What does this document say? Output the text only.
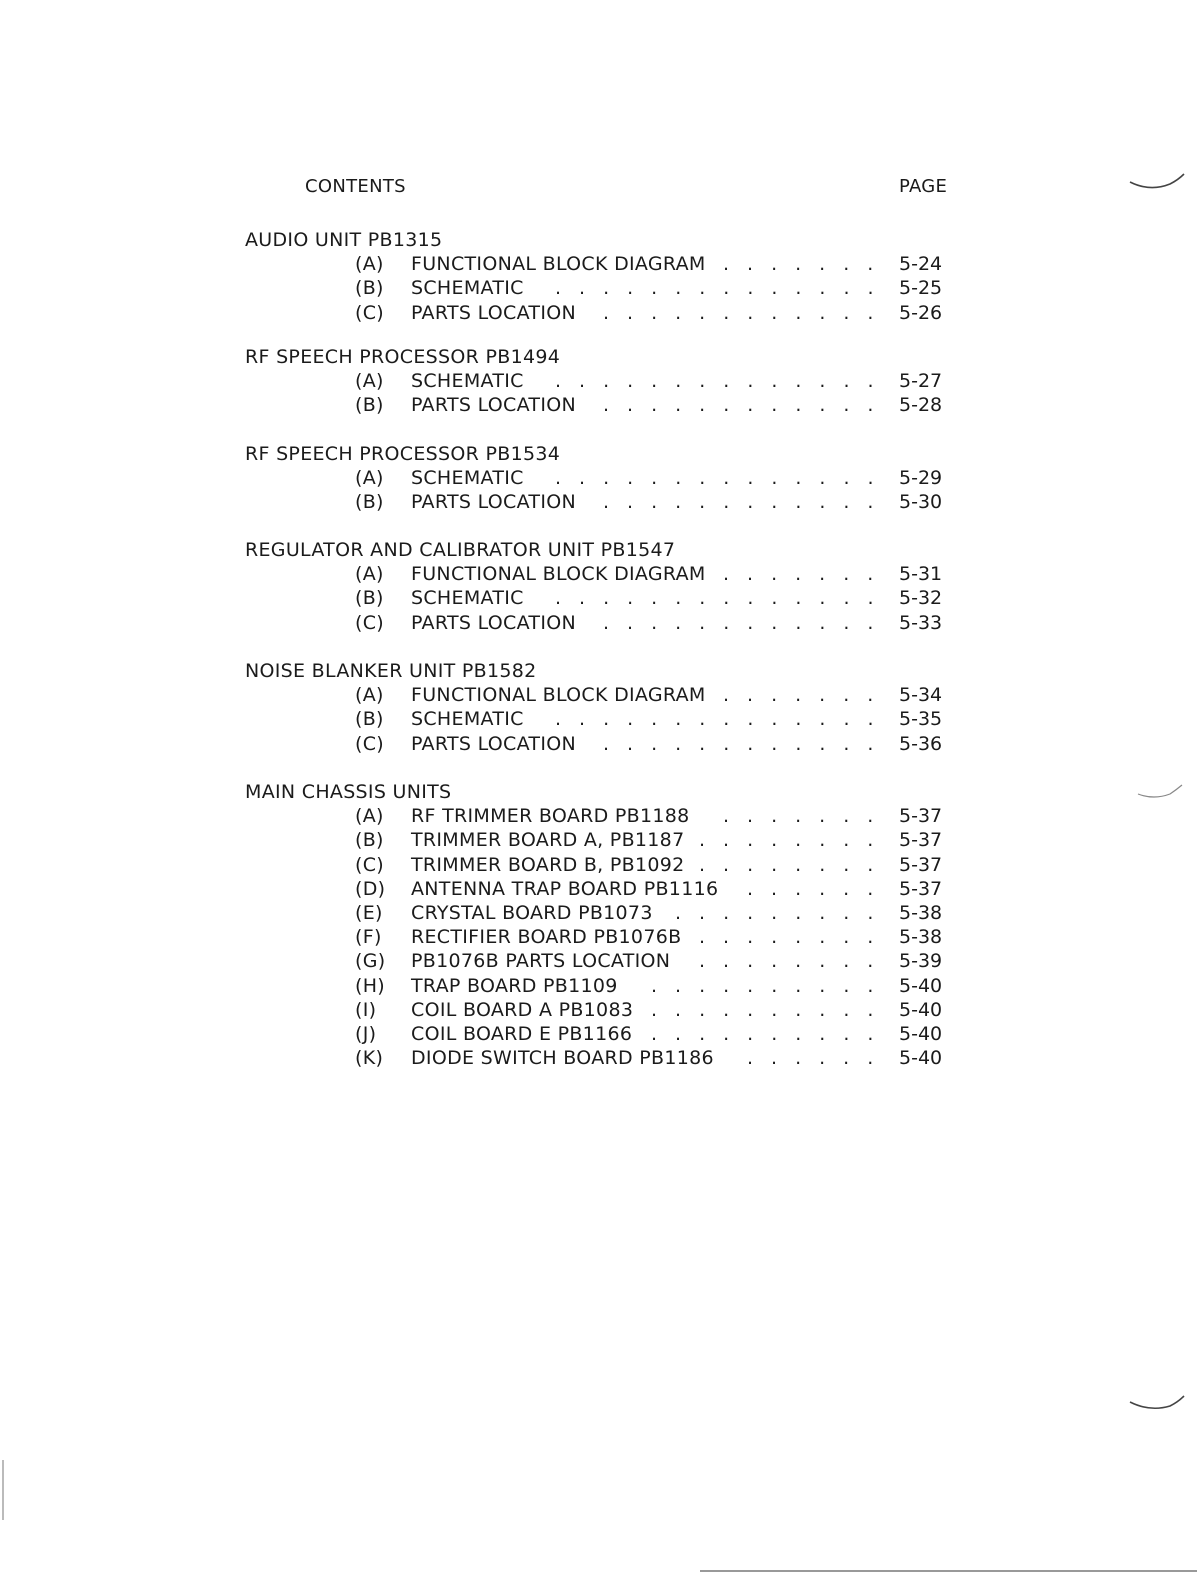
CONTENTS	PAGE
AUDIO UNIT PB1315
(A) FUNCTIONAL BLOCK DIAGRAM ....... 5-24
(B) SCHEMATIC .............. 5-25
(C) PARTS LOCATION ............ 5-26
RF SPEECH PROCESSOR PB1494
(A) SCHEMATIC .............. 5-27
(B) PARTS LOCATION ............ 5-28
RF SPEECH PROCESSOR PB1534
(A) SCHEMATIC .............. 5-29
(B) PARTS LOCATION ............ 5-30
REGULATOR AND CALIBRATOR UNIT PB1547
(A) FUNCTIONAL BLOCK DIAGRAM ....... 5-31
(B) SCHEMATIC .............. 5-32
(C) PARTS LOCATION ............ 5-33
NOISE BLANKER UNIT PB1582
(A) FUNCTIONAL BLOCK DIAGRAM ....... 5-34
(B) SCHEMATIC .............. 5-35
(C) PARTS LOCATION ............ 5-36
MAIN CHASSIS UNITS
(A) RF TRIMMER BOARD PB1188 ....... 5-37
(B) TRIMMER BOARD A, PB1187 ........ 5-37
(C) TRIMMER BOARD B, PB1092 ........ 5-37
(D) ANTENNA TRAP BOARD PB1116 ...... 5-37
(E) CRYSTAL BOARD PB1073 ......... 5-38
(F) RECTIFIER BOARD PB1076B ........ 5-38
(G) PB1076B PARTS LOCATION ........ 5-39
(H) TRAP BOARD PB1109 .......... 5-40
(I) COIL BOARD A PB1083 .......... 5-40
(J) COIL BOARD E PB1166 .......... 5-40
(K) DIODE SWITCH BOARD PB1186 ...... 5-40
